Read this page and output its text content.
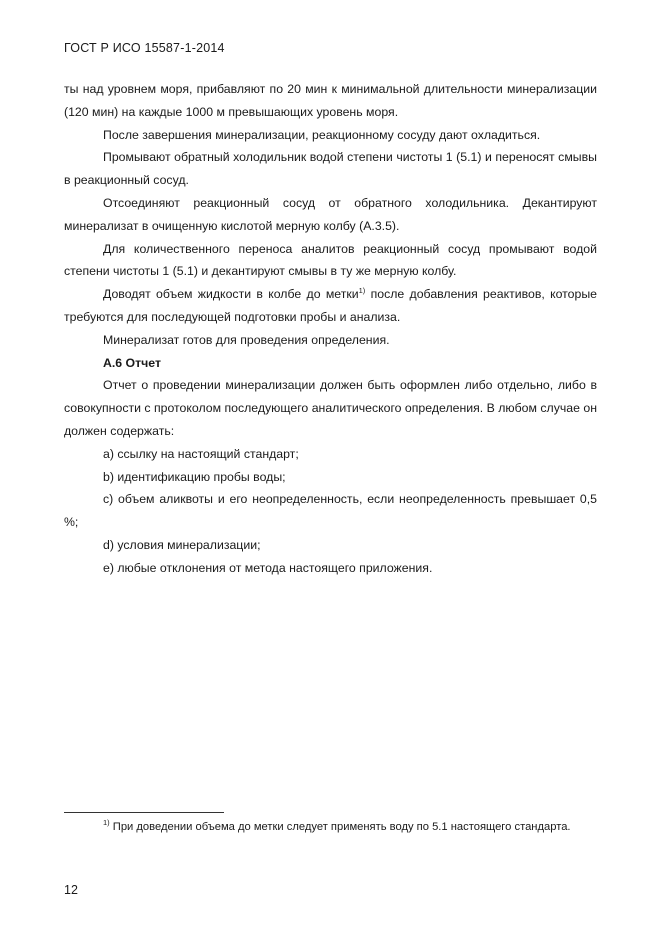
ГОСТ Р ИСО 15587-1-2014

ты над уровнем моря, прибавляют по 20 мин к минимальной длительности минерализации (120 мин) на каждые 1000 м превышающих уровень моря.

После завершения минерализации, реакционному сосуду дают охладиться.

Промывают обратный холодильник водой степени чистоты 1 (5.1) и переносят смывы в реакционный сосуд.

Отсоединяют реакционный сосуд от обратного холодильника. Декантируют минерализат в очищенную кислотой мерную колбу (А.3.5).

Для количественного переноса аналитов реакционный сосуд промывают водой степени чистоты 1 (5.1) и декантируют смывы в ту же мерную колбу.

Доводят объем жидкости в колбе до метки$^{1)}$ после добавления реактивов, которые требуются для последующей подготовки пробы и анализа.

Минерализат готов для проведения определения.

А.6 Отчет

Отчет о проведении минерализации должен быть оформлен либо отдельно, либо в совокупности с протоколом последующего аналитического определения. В любом случае он должен содержать:

a) ссылку на настоящий стандарт;

b) идентификацию пробы воды;

c) объем аликвоты и его неопределенность, если неопределенность превышает 0,5 %;

d) условия минерализации;

e) любые отклонения от метода настоящего приложения.

$^{1)}$ При доведении объема до метки следует применять воду по 5.1 настоящего стандарта.
12
